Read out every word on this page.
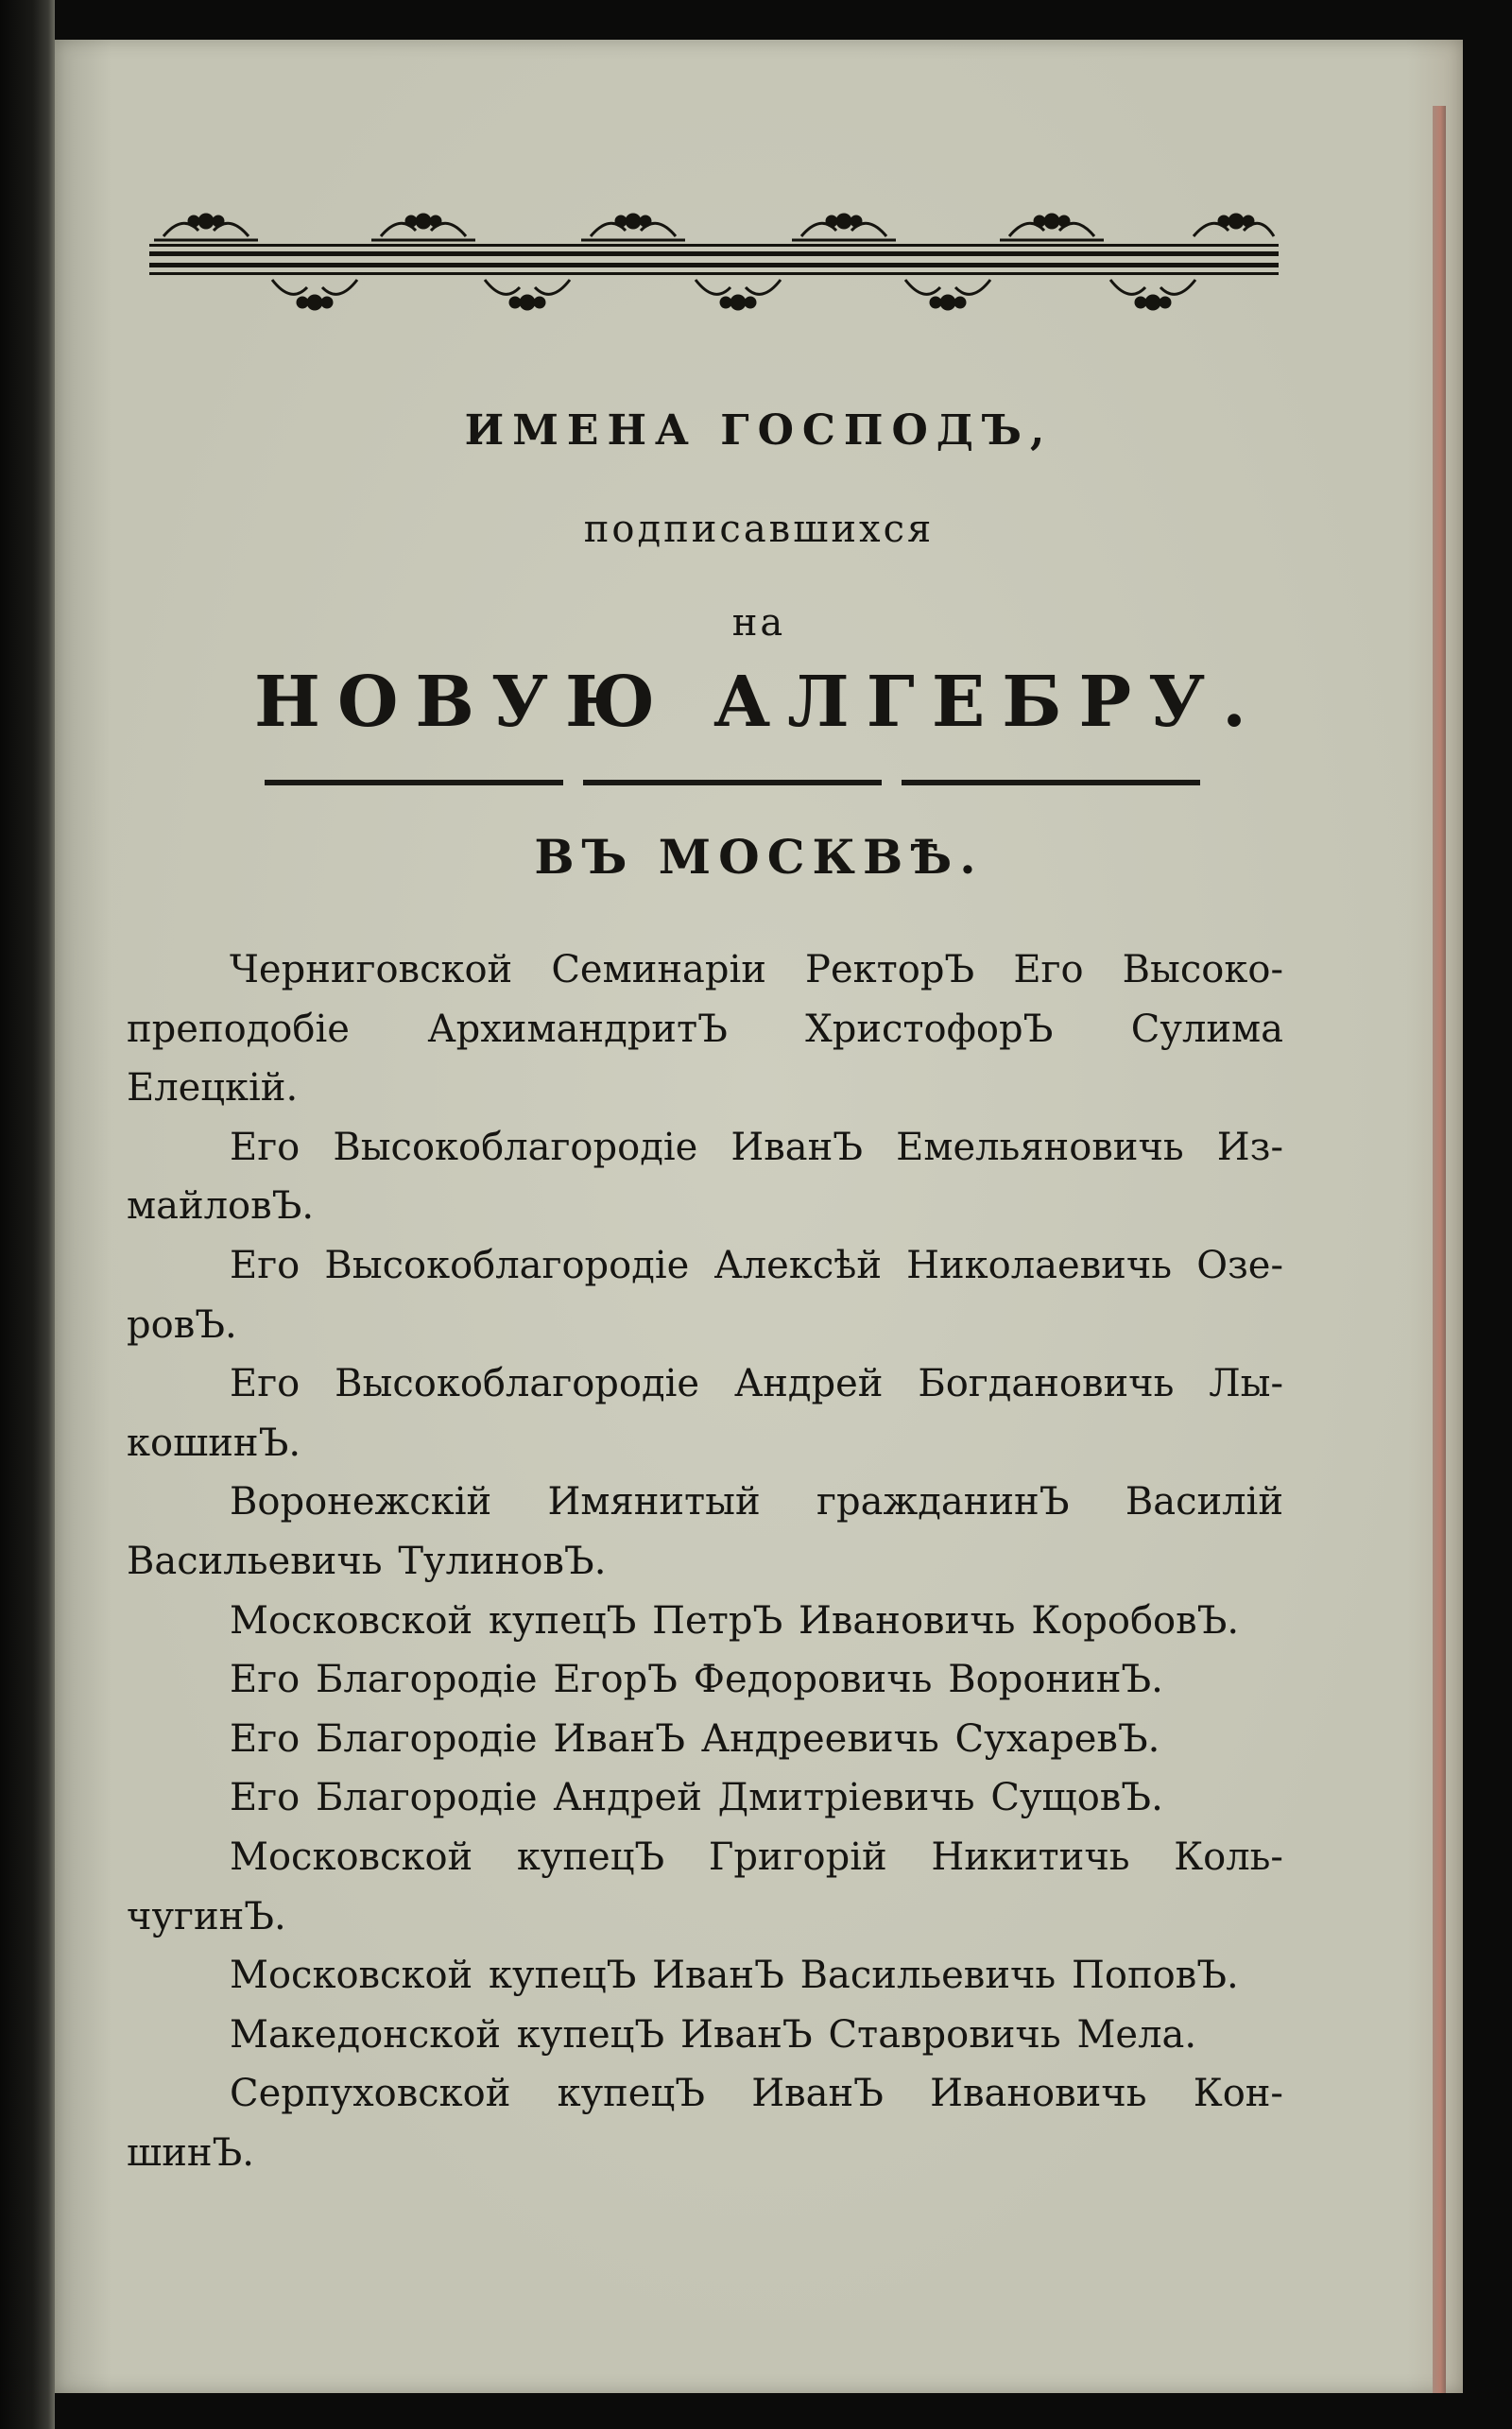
ИМЕНА ГОСПОДЪ,
подписавшихся
на
НОВУЮ АЛГЕБРУ.
ВЪ МОСКВѢ.
Черниговской Семинаріи РекторЪ Его Высоко-
преподобіе АрхимандритЪ ХристофорЪ Сулима
Елецкій.
Его Высокоблагородіе ИванЪ Емельяновичь Из-
майловЪ.
Его Высокоблагородіе Алексѣй Николаевичь Озе-
ровЪ.
Его Высокоблагородіе Андрей Богдановичь Лы-
кошинЪ.
Воронежскій Имянитый гражданинЪ Василій
Васильевичь ТулиновЪ.
Московской купецЪ ПетрЪ Ивановичь КоробовЪ.
Его Благородіе ЕгорЪ Федоровичь ВоронинЪ.
Его Благородіе ИванЪ Андреевичь СухаревЪ.
Его Благородіе Андрей Дмитріевичь СущовЪ.
Московской купецЪ Григорій Никитичь Коль-
чугинЪ.
Московской купецЪ ИванЪ Васильевичь ПоповЪ.
Македонской купецЪ ИванЪ Ставровичь Мела.
Серпуховской купецЪ ИванЪ Ивановичь Кон-
шинЪ.
